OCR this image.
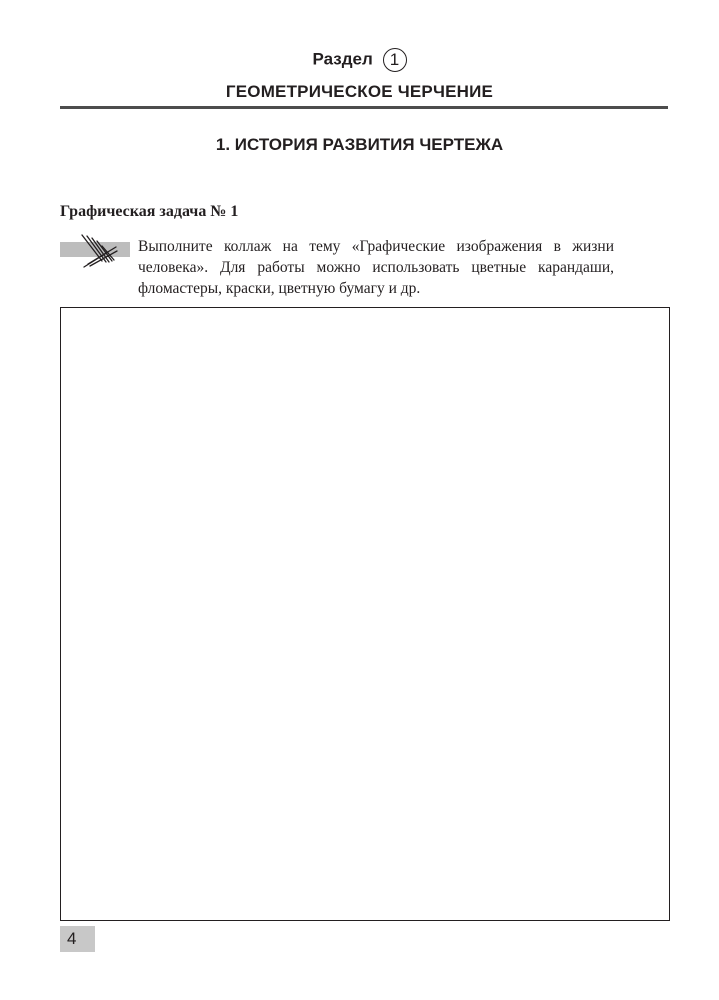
Раздел 1
ГЕОМЕТРИЧЕСКОЕ ЧЕРЧЕНИЕ
1. ИСТОРИЯ РАЗВИТИЯ ЧЕРТЕЖА
Графическая задача № 1
Выполните коллаж на тему «Графические изображения в жизни человека». Для работы можно использовать цветные карандаши, фломастеры, краски, цветную бумагу и др.
4
